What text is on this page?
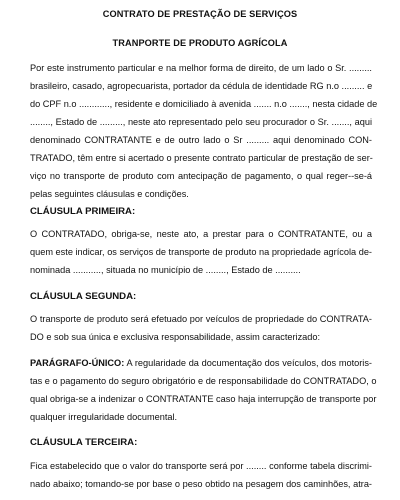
CONTRATO DE PRESTAÇÃO DE SERVIÇOS
TRANPORTE DE PRODUTO AGRÍCOLA
Por este instrumento particular e na melhor forma de direito, de um lado o Sr. .........
brasileiro, casado, agropecuarista, portador da cédula de identidade RG n.o ......... e
do CPF n.o ............, residente e domiciliado à avenida ....... n.o ......., nesta cidade de
........, Estado de ........., neste ato representado pelo seu procurador o Sr. ......., aqui
denominado CONTRATANTE e de outro lado o Sr ......... aqui denominado CON-
TRATADO, têm entre si acertado o presente contrato particular de prestação de ser-
viço no transporte de produto com antecipação de pagamento, o qual reger--se-á
pelas seguintes cláusulas e condições.
CLÁUSULA PRIMEIRA:
O CONTRATADO, obriga-se, neste ato, a prestar para o CONTRATANTE, ou a
quem este indicar, os serviços de transporte de produto na propriedade agrícola de-
nominada ..........., situada no município de ........, Estado de ..........
CLÁUSULA SEGUNDA:
O transporte de produto será efetuado por veículos de propriedade do CONTRATA-
DO e sob sua única e exclusiva responsabilidade, assim caracterizado:
PARÁGRAFO-ÚNICO: A regularidade da documentação dos veículos, dos motoris-
tas e o pagamento do seguro obrigatório e de responsabilidade do CONTRATADO, o
qual obriga-se a indenizar o CONTRATANTE caso haja interrupção de transporte por
qualquer irregularidade documental.
CLÁUSULA TERCEIRA:
Fica estabelecido que o valor do transporte será por ........ conforme tabela discrimi-
nado abaixo; tomando-se por base o peso obtido na pesagem dos caminhões, atra-
